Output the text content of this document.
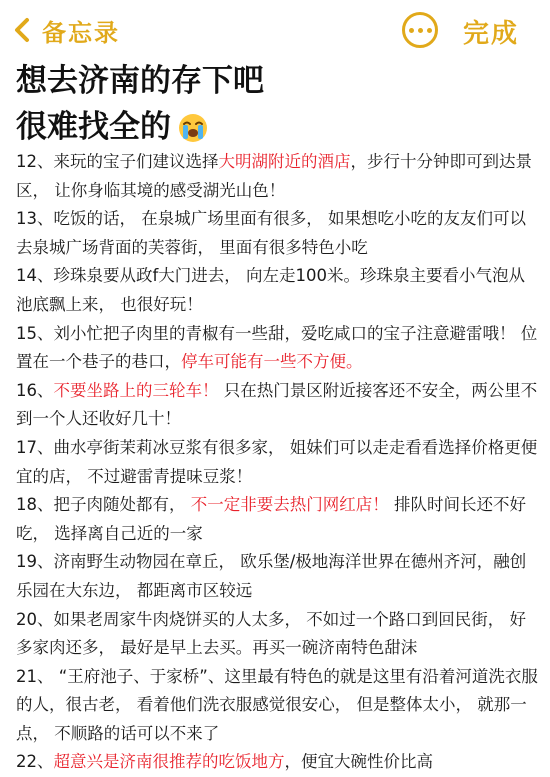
备忘录	完成
想去济南的存下吧
很难找全的
12、来玩的宝子们建议选择大明湖附近的酒店，步行十分钟即可到达景区， 让你身临其境的感受湖光山色！
13、吃饭的话， 在泉城广场里面有很多， 如果想吃小吃的友友们可以去泉城广场背面的芙蓉街， 里面有很多特色小吃
14、珍珠泉要从政f大门进去， 向左走100米。珍珠泉主要看小气泡从池底飘上来， 也很好玩！
15、刘小忙把子肉里的青椒有一些甜，爱吃咸口的宝子注意避雷哦！ 位置在一个巷子的巷口，停车可能有一些不方便。
16、不要坐路上的三轮车！ 只在热门景区附近接客还不安全，两公里不到一个人还收好几十！
17、曲水亭街茉莉冰豆浆有很多家， 姐妹们可以走走看看选择价格更便宜的店， 不过避雷青提味豆浆！
18、把子肉随处都有， 不一定非要去热门网红店！ 排队时间长还不好吃， 选择离自己近的一家
19、济南野生动物园在章丘， 欧乐堡/极地海洋世界在德州齐河，融创乐园在大东边， 都距离市区较远
20、如果老周家牛肉烧饼买的人太多， 不如过一个路口到回民街， 好多家肉还多， 最好是早上去买。再买一碗济南特色甜沫
21、 “王府池子、于家桥”、这里最有特色的就是这里有沿着河道洗衣服的人，很古老， 看着他们洗衣服感觉很安心， 但是整体太小， 就那一点， 不顺路的话可以不来了
22、超意兴是济南很推荐的吃饭地方，便宜大碗性价比高
